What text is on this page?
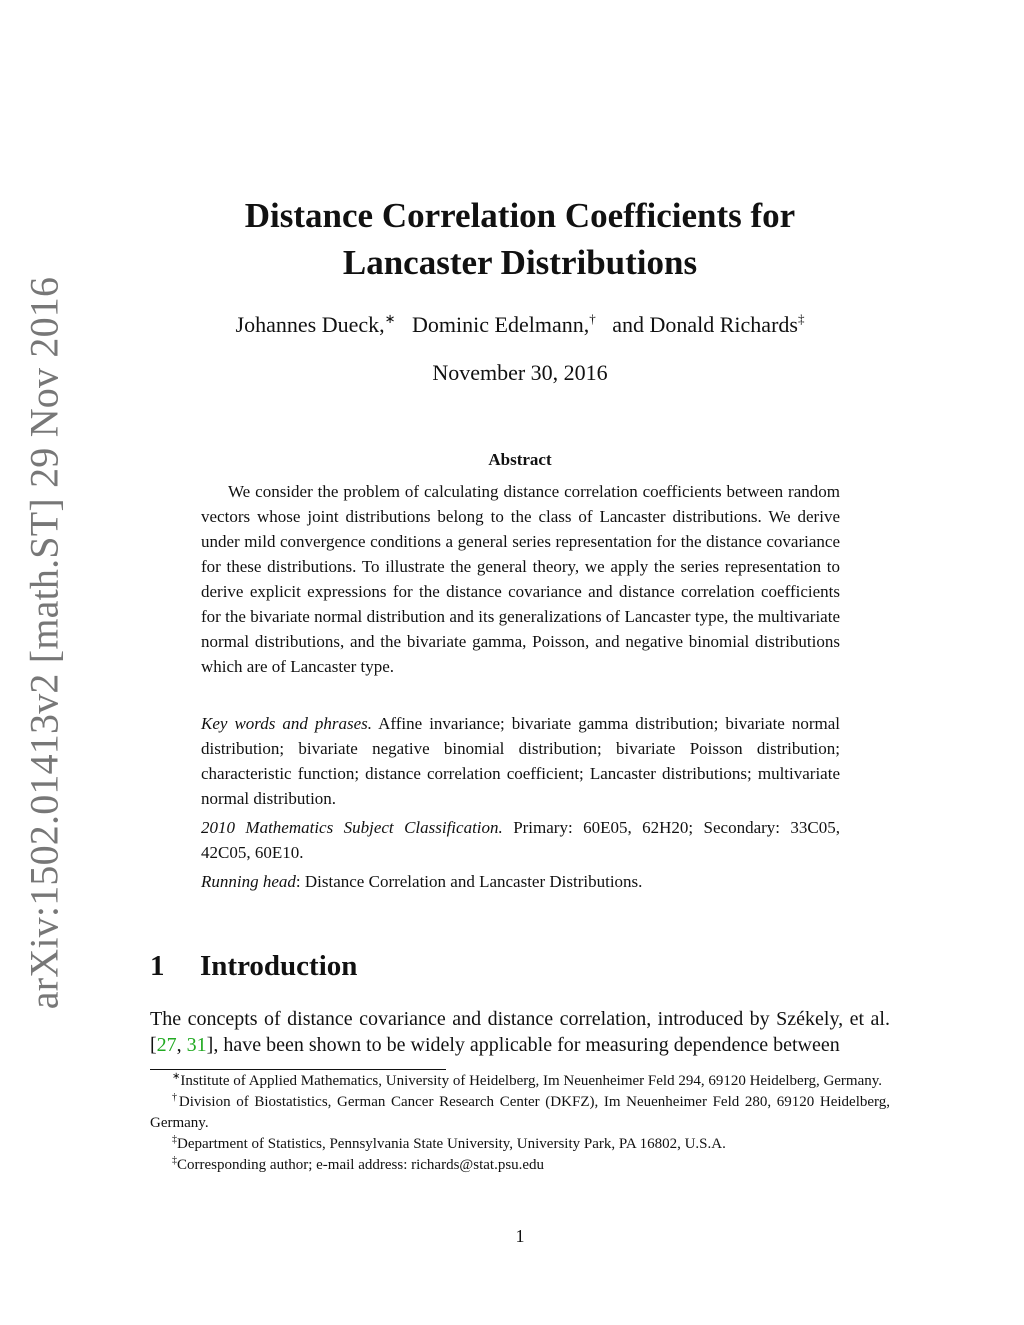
arXiv:1502.01413v2 [math.ST] 29 Nov 2016
Distance Correlation Coefficients for
Lancaster Distributions
Johannes Dueck,∗ Dominic Edelmann,† and Donald Richards‡
November 30, 2016
Abstract

We consider the problem of calculating distance correlation coefficients between random vectors whose joint distributions belong to the class of Lancaster distributions. We derive under mild convergence conditions a general series representation for the distance covariance for these distributions. To illustrate the general theory, we apply the series representation to derive explicit expressions for the distance covariance and distance correlation coefficients for the bivariate normal distribution and its generalizations of Lancaster type, the multivariate normal distributions, and the bivariate gamma, Poisson, and negative binomial distributions which are of Lancaster type.

Key words and phrases. Affine invariance; bivariate gamma distribution; bivariate normal distribution; bivariate negative binomial distribution; bivariate Poisson distribution; characteristic function; distance correlation coefficient; Lancaster distributions; multivariate normal distribution.

2010 Mathematics Subject Classification. Primary: 60E05, 62H20; Secondary: 33C05, 42C05, 60E10.

Running head: Distance Correlation and Lancaster Distributions.

1 Introduction

The concepts of distance covariance and distance correlation, introduced by Székely, et al. [27, 31], have been shown to be widely applicable for measuring dependence between

∗Institute of Applied Mathematics, University of Heidelberg, Im Neuenheimer Feld 294, 69120 Heidelberg, Germany.

†Division of Biostatistics, German Cancer Research Center (DKFZ), Im Neuenheimer Feld 280, 69120 Heidelberg, Germany.

‡Department of Statistics, Pennsylvania State University, University Park, PA 16802, U.S.A.

‡Corresponding author; e-mail address: richards@stat.psu.edu

1
